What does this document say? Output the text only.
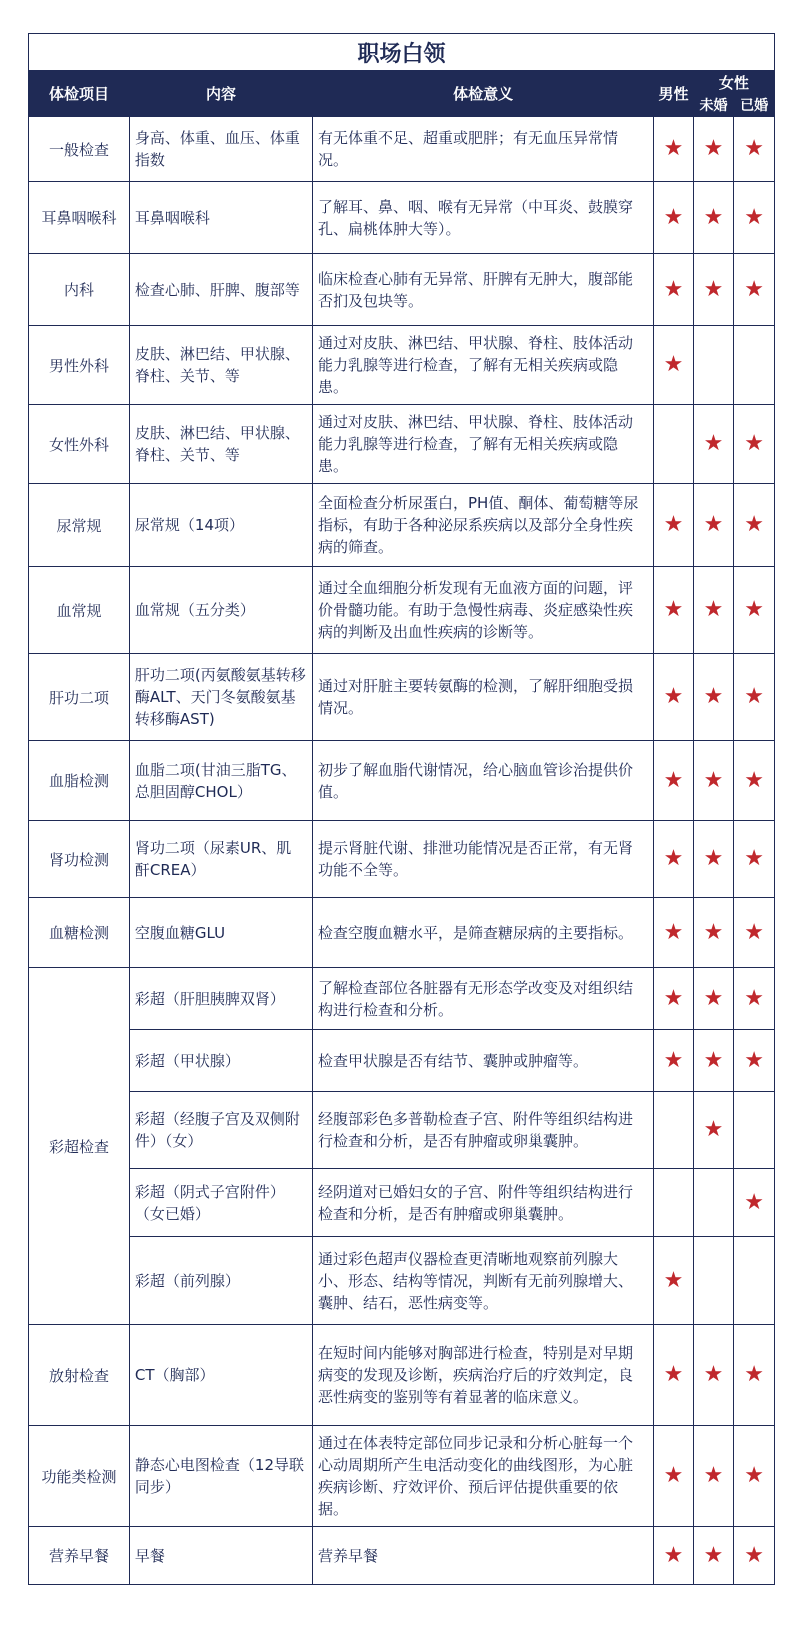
职场白领					
体检项目	内容	体检意义	男性	女性	
				未婚	已婚
一般检查	身高、体重、血压、体重指数	有无体重不足、超重或肥胖；有无血压异常情况。	★	★	★
耳鼻咽喉科	耳鼻咽喉科	了解耳、鼻、咽、喉有无异常（中耳炎、鼓膜穿孔、扁桃体肿大等）。	★	★	★
内科	检查心肺、肝脾、腹部等	临床检查心肺有无异常、肝脾有无肿大，腹部能否扪及包块等。	★	★	★
男性外科	皮肤、淋巴结、甲状腺、脊柱、关节、等	通过对皮肤、淋巴结、甲状腺、脊柱、肢体活动能力乳腺等进行检查，了解有无相关疾病或隐患。	★		
女性外科	皮肤、淋巴结、甲状腺、脊柱、关节、等	通过对皮肤、淋巴结、甲状腺、脊柱、肢体活动能力乳腺等进行检查，了解有无相关疾病或隐患。		★	★
尿常规	尿常规（14项）	全面检查分析尿蛋白，PH值、酮体、葡萄糖等尿指标，有助于各种泌尿系疾病以及部分全身性疾病的筛查。	★	★	★
血常规	血常规（五分类）	通过全血细胞分析发现有无血液方面的问题，评价骨髓功能。有助于急慢性病毒、炎症感染性疾病的判断及出血性疾病的诊断等。	★	★	★
肝功二项	肝功二项(丙氨酸氨基转移酶ALT、天门冬氨酸氨基转移酶AST)	通过对肝脏主要转氨酶的检测，了解肝细胞受损情况。	★	★	★
血脂检测	血脂二项(甘油三脂TG、总胆固醇CHOL）	初步了解血脂代谢情况，给心脑血管诊治提供价值。	★	★	★
肾功检测	肾功二项（尿素UR、肌酐CREA）	提示肾脏代谢、排泄功能情况是否正常，有无肾功能不全等。	★	★	★
血糖检测	空腹血糖GLU	检查空腹血糖水平，是筛查糖尿病的主要指标。	★	★	★
彩超检查	彩超（肝胆胰脾双肾）	了解检查部位各脏器有无形态学改变及对组织结构进行检查和分析。	★	★	★
	彩超（甲状腺）	检查甲状腺是否有结节、囊肿或肿瘤等。	★	★	★
	彩超（经腹子宫及双侧附件）（女）	经腹部彩色多普勒检查子宫、附件等组织结构进行检查和分析，是否有肿瘤或卵巢囊肿。		★	
	彩超（阴式子宫附件）（女已婚）	经阴道对已婚妇女的子宫、附件等组织结构进行检查和分析，是否有肿瘤或卵巢囊肿。			★
	彩超（前列腺）	通过彩色超声仪器检查更清晰地观察前列腺大小、形态、结构等情况，判断有无前列腺增大、囊肿、结石，恶性病变等。	★		
放射检查	CT（胸部）	在短时间内能够对胸部进行检查，特别是对早期病变的发现及诊断，疾病治疗后的疗效判定，良恶性病变的鉴别等有着显著的临床意义。	★	★	★
功能类检测	静态心电图检查（12导联同步）	通过在体表特定部位同步记录和分析心脏每一个心动周期所产生电活动变化的曲线图形，为心脏疾病诊断、疗效评价、预后评估提供重要的依据。	★	★	★
营养早餐	早餐	营养早餐	★	★	★
